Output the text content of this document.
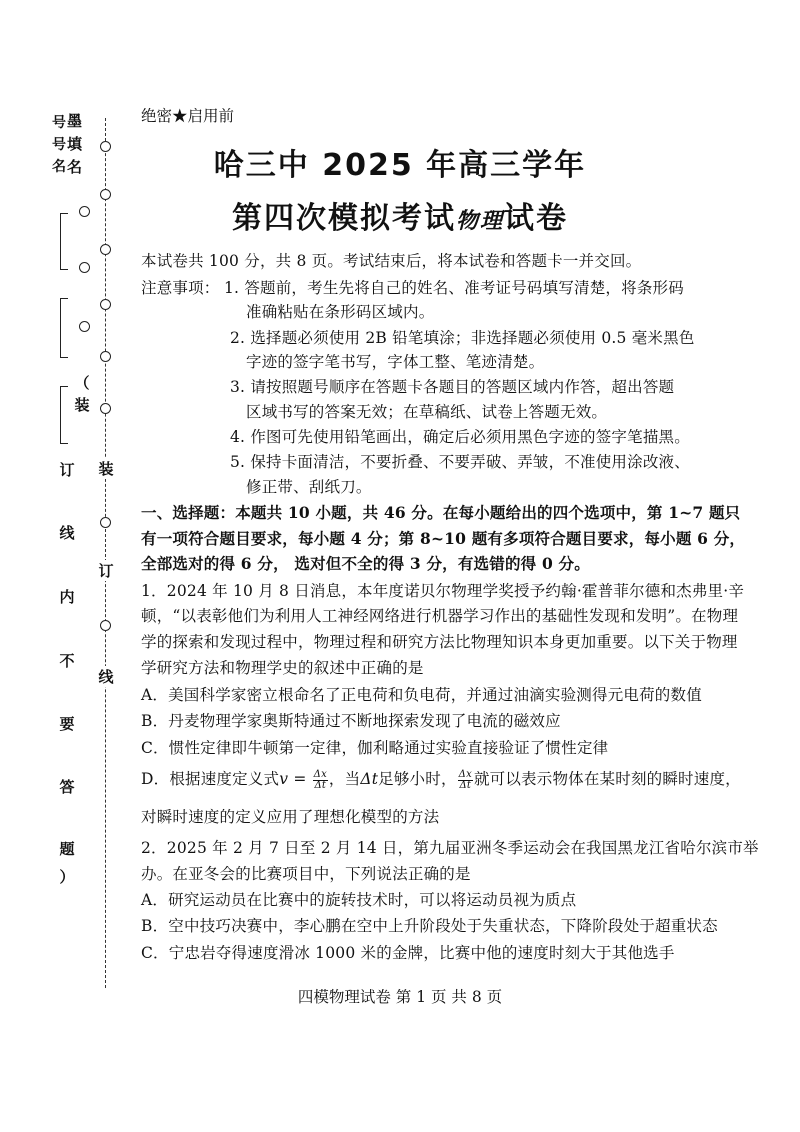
号
号
名
墨
填
名
（
装
订
线
内
不
要
答
题
）
装
订
线
绝密★启用前
哈三中 2025 年高三学年
第四次模拟考试物理试卷
本试卷共 100 分，共 8 页。考试结束后，将本试卷和答题卡一并交回。
注意事项： 1. 答题前，考生先将自己的姓名、准考证号码填写清楚，将条形码
准确粘贴在条形码区域内。
2. 选择题必须使用 2B 铅笔填涂；非选择题必须使用 0.5 毫米黑色
字迹的签字笔书写，字体工整、笔迹清楚。
3. 请按照题号顺序在答题卡各题目的答题区域内作答，超出答题
区域书写的答案无效；在草稿纸、试卷上答题无效。
4. 作图可先使用铅笔画出，确定后必须用黑色字迹的签字笔描黑。
5. 保持卡面清洁，不要折叠、不要弄破、弄皱，不准使用涂改液、
修正带、刮纸刀。
一、选择题：本题共 10 小题，共 46 分。在每小题给出的四个选项中，第 1~7 题只
有一项符合题目要求，每小题 4 分；第 8~10 题有多项符合题目要求，每小题 6 分，
全部选对的得 6 分， 选对但不全的得 3 分，有选错的得 0 分。
1．2024 年 10 月 8 日消息，本年度诺贝尔物理学奖授予约翰·霍普菲尔德和杰弗里·辛
顿，“以表彰他们为利用人工神经网络进行机器学习作出的基础性发现和发明”。在物理
学的探索和发现过程中，物理过程和研究方法比物理知识本身更加重要。以下关于物理
学研究方法和物理学史的叙述中正确的是
A．美国科学家密立根命名了正电荷和负电荷，并通过油滴实验测得元电荷的数值
B．丹麦物理学家奥斯特通过不断地探索发现了电流的磁效应
C．惯性定律即牛顿第一定律，伽利略通过实验直接验证了惯性定律
D．根据速度定义式$v = \frac{\Delta x}{\Delta t}$ ，当Δt足够小时， $\frac{\Delta x}{\Delta t}$ 就可以表示物体在某时刻的瞬时速度，
对瞬时速度的定义应用了理想化模型的方法
2．2025 年 2 月 7 日至 2 月 14 日，第九届亚洲冬季运动会在我国黑龙江省哈尔滨市举
办。在亚冬会的比赛项目中，下列说法正确的是
A．研究运动员在比赛中的旋转技术时，可以将运动员视为质点
B．空中技巧决赛中，李心鹏在空中上升阶段处于失重状态，下降阶段处于超重状态
C．宁忠岩夺得速度滑冰 1000 米的金牌，比赛中他的速度时刻大于其他选手
四模物理试卷 第 1 页 共 8 页
